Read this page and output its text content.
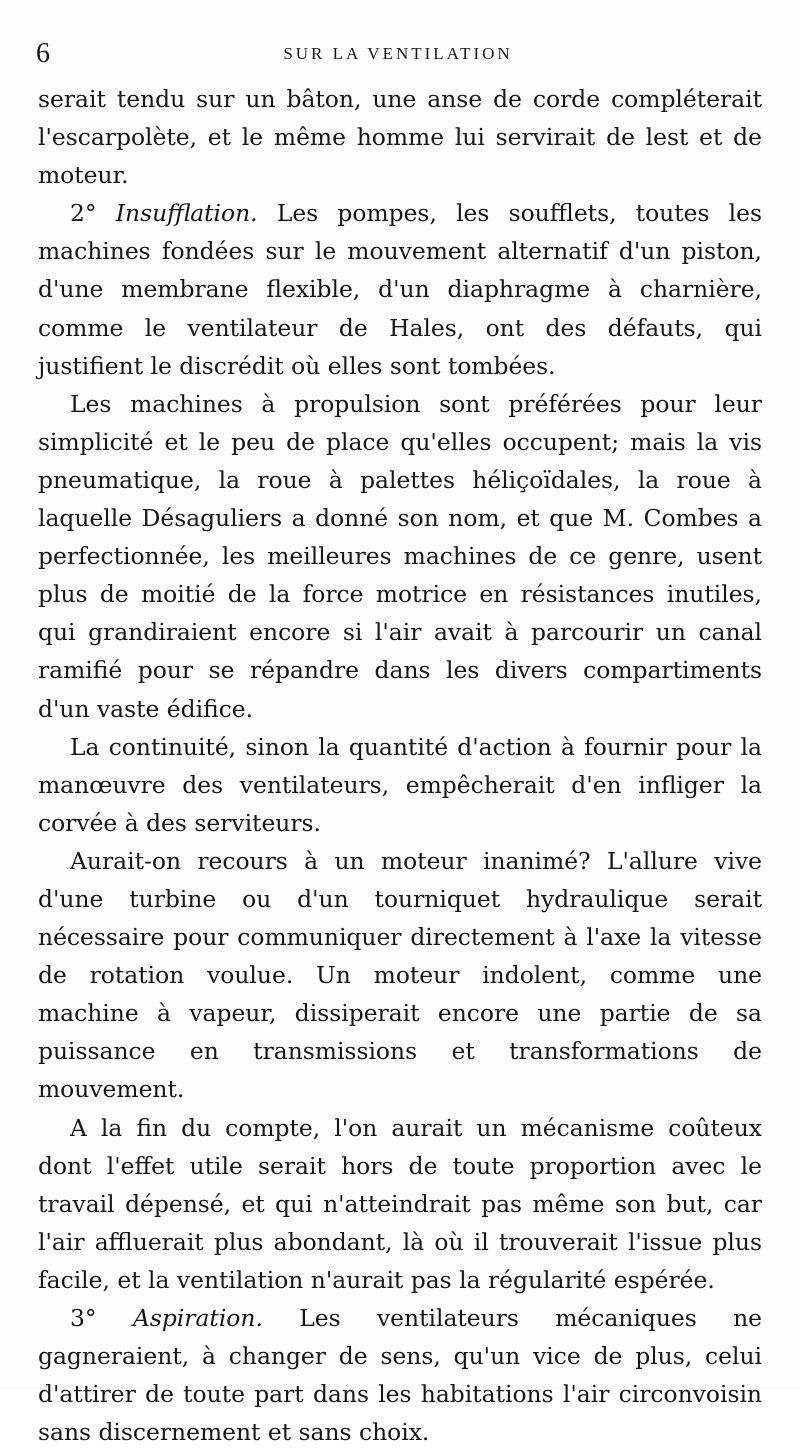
6	SUR LA VENTILATION

serait tendu sur un bâton, une anse de corde compléterait l'escarpolète, et le même homme lui servirait de lest et de moteur.

2° Insufflation. Les pompes, les soufflets, toutes les machines fondées sur le mouvement alternatif d'un piston, d'une membrane flexible, d'un diaphragme à charnière, comme le ventilateur de Hales, ont des défauts, qui justifient le discrédit où elles sont tombées.

Les machines à propulsion sont préférées pour leur simplicité et le peu de place qu'elles occupent; mais la vis pneumatique, la roue à palettes héliçoïdales, la roue à laquelle Désaguliers a donné son nom, et que M. Combes a perfectionnée, les meilleures machines de ce genre, usent plus de moitié de la force motrice en résistances inutiles, qui grandiraient encore si l'air avait à parcourir un canal ramifié pour se répandre dans les divers compartiments d'un vaste édifice.

La continuité, sinon la quantité d'action à fournir pour la manœuvre des ventilateurs, empêcherait d'en infliger la corvée à des serviteurs.

Aurait-on recours à un moteur inanimé? L'allure vive d'une turbine ou d'un tourniquet hydraulique serait nécessaire pour communiquer directement à l'axe la vitesse de rotation voulue. Un moteur indolent, comme une machine à vapeur, dissiperait encore une partie de sa puissance en transmissions et transformations de mouvement.

A la fin du compte, l'on aurait un mécanisme coûteux dont l'effet utile serait hors de toute proportion avec le travail dépensé, et qui n'atteindrait pas même son but, car l'air affluerait plus abondant, là où il trouverait l'issue plus facile, et la ventilation n'aurait pas la régularité espérée.

3° Aspiration. Les ventilateurs mécaniques ne gagneraient, à changer de sens, qu'un vice de plus, celui d'attirer de toute part dans les habitations l'air circonvoisin sans discernement et sans choix.
